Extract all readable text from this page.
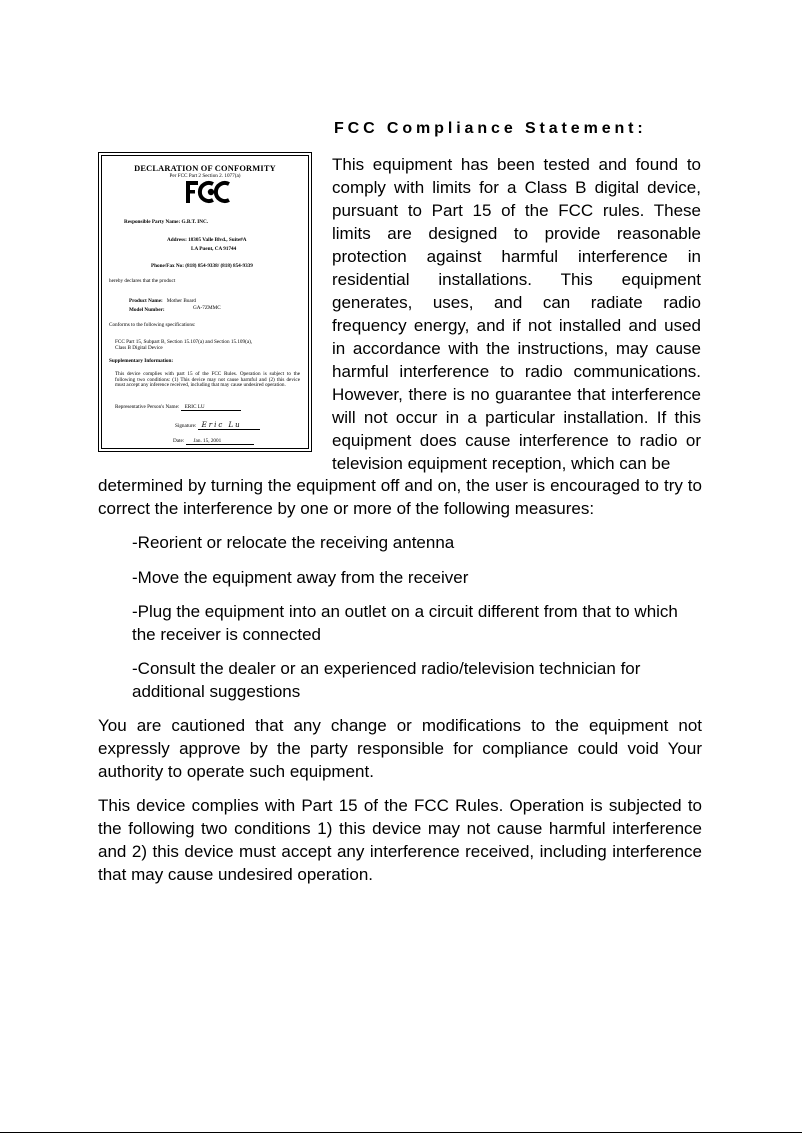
FCC Compliance Statement:
DECLARATION OF CONFORMITY
Per FCC Part 2 Section 2. 1077(a)
Responsible Party Name: G.B.T. INC.
Address: 18305 Valle Blvd., Suite#A
LA Puent, CA 91744
Phone/Fax No: (818) 854-9338/ (818) 854-9339
hereby declares that the product
Product Name: Mother Board
Model Number:	GA-7ZMMC
Conforms to the following specifications:
FCC Part 15, Subpart B, Section 15.107(a) and Section 15.109(a),
Class B Digital Device
Supplementary Information:
This device complies with part 15 of the FCC Rules. Operation is subject to the following two conditions: (1) This device may not cause harmful and (2) this device must accept any inference received, including that may cause undesired operation.
Representative Person's Name: ERIC LU
Signature: Eric Lu
Date: Jan. 15, 2001
This equipment has been tested and found to comply with limits for a Class B digital device, pursuant to Part 15 of the FCC rules. These limits are designed to provide reasonable protection against harmful interference in residential installations. This equipment generates, uses, and can radiate radio frequency energy, and if not installed and used in accordance with the instructions, may cause harmful interference to radio communications. However, there is no guarantee that interference will not occur in a particular installation. If this equipment does cause interference to radio or television equipment reception, which can be
determined by turning the equipment off and on, the user is encouraged to try to correct the interference by one or more of the following measures:
-Reorient or relocate the receiving antenna
-Move the equipment away from the receiver
-Plug the equipment into an outlet on a circuit different from that to which the receiver is connected
-Consult the dealer or an experienced radio/television technician for additional suggestions
You are cautioned that any change or modifications to the equipment not expressly approve by the party responsible for compliance could void Your authority to operate such equipment.
This device complies with Part 15 of the FCC Rules. Operation is subjected to the following two conditions 1) this device may not cause harmful interference and 2) this device must accept any interference received, including interference that may cause undesired operation.
